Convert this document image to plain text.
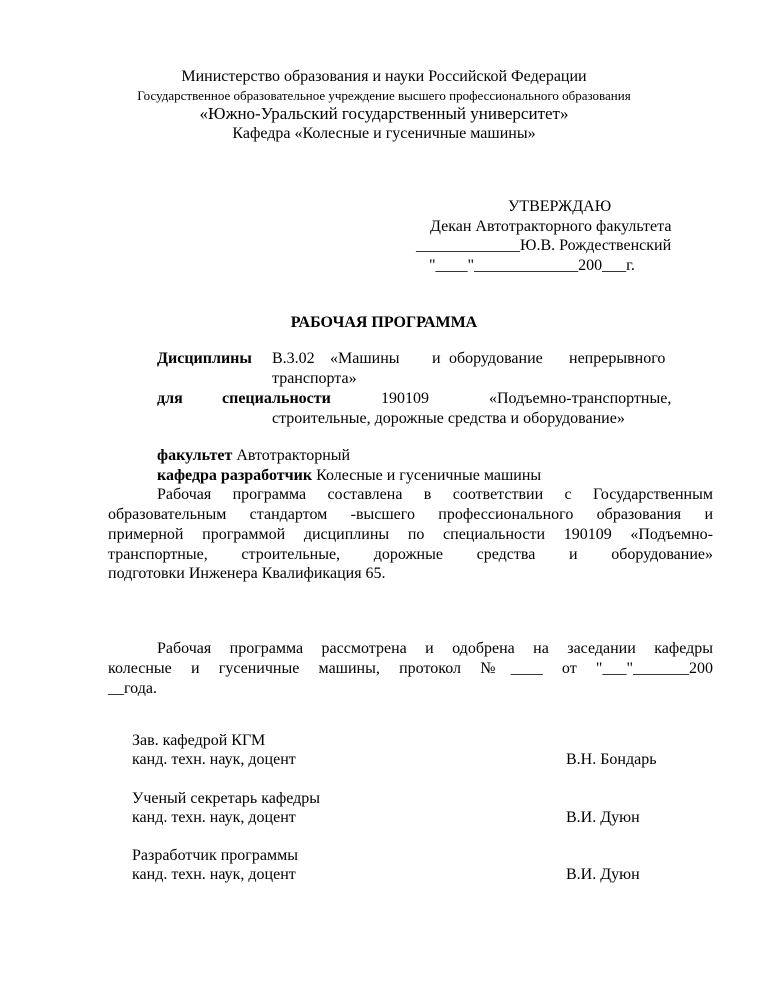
Министерство образования и науки Российской Федерации
Государственное образовательное учреждение высшего профессионального образования
«Южно-Уральский государственный университет»
Кафедра «Колесные и гусеничные машины»
УТВЕРЖДАЮ
Декан Автотракторного факультета
_____________Ю.В. Рождественский
"____"_____________200___г.
РАБОЧАЯ ПРОГРАММА
Дисциплины В.3.02 «Машины и оборудование непрерывного
транспорта»
для специальности	190109	«Подъемно-транспортные,
строительные, дорожные средства и оборудование»
факультет Автотракторный
кафедра разработчик Колесные и гусеничные машины
Рабочая программа составлена в соответствии с Государственным
образовательным стандартом -высшего профессионального образования и
примерной программой дисциплины по специальности 190109 «Подъемно-
транспортные, строительные, дорожные средства и оборудование»
подготовки Инженера Квалификация 65.
Рабочая программа рассмотрена и одобрена на заседании кафедры
колесные и гусеничные машины, протокол №____ от "___"_______200
__года.
Зав. кафедрой КГМ
канд. техн. наук, доцент	В.Н. Бондарь
Ученый секретарь кафедры
канд. техн. наук, доцент	В.И. Дуюн
Разработчик программы
канд. техн. наук, доцент	В.И. Дуюн
